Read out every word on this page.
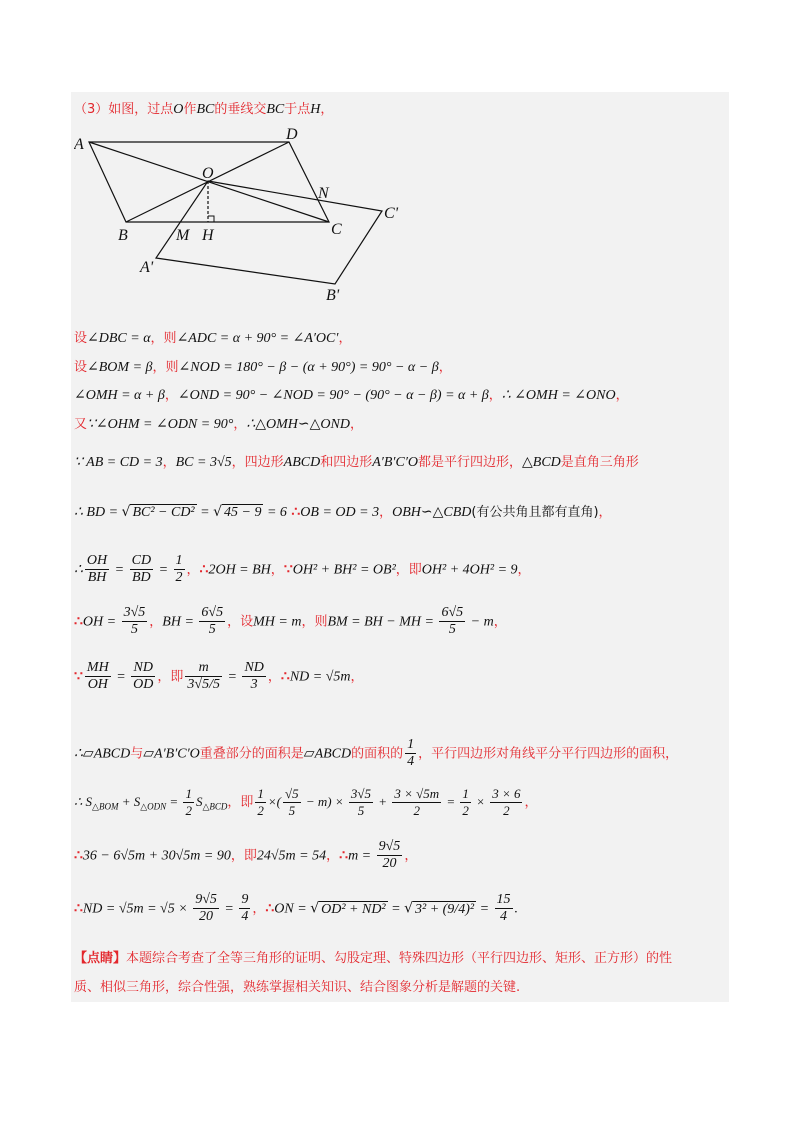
（3）如图，过点O作BC的垂线交BC于点H，
A
D
O
N
C'
B	M H	C
A'
B'
设∠DBC = α，则∠ADC = α + 90° = ∠A′OC′，
设∠BOM = β，则∠NOD = 180° − β − (α + 90°) = 90° − α − β，
∠OMH = α + β，∠OND = 90° − ∠NOD = 90° − (90° − α − β) = α + β，∴ ∠OMH = ∠ONO，
又∵∠OHM = ∠ODN = 90°，∴△OMH∽△OND，
∵ AB = CD = 3，BC = 3√5，四边形ABCD和四边形A′B′C′O都是平行四边形，△BCD是直角三角形
∴ BD = √ BC² − CD² = √ 45 − 9 = 6 ∴OB = OD = 3，OBH∽△CBD(有公共角且都有直角)，
∴ $\frac{OH}{BH} = \frac{CD}{BD} = \frac{1}{2}$ ，∴2OH = BH，∵OH² + BH² = OB²，即OH² + 4OH² = 9，
∴OH = $\frac{3√5}{5}$ ，BH = $\frac{6√5}{5}$ ，设MH = m，则BM = BH − MH = $\frac{6√5}{5} - m$，
∵ $\frac{MH}{OH} = \frac{ND}{OD}$ ，即 $\frac{m}{3√5/5} = \frac{ND}{3}$ ，∴ND = √5m，
∴▱ABCD与▱A′B′C′O重叠部分的面积是▱ABCD的面积的 $\frac{1}{4}$ ，平行四边形对角线平分平行四边形的面积，
∴ $S_{\triangle BOM} + S_{\triangle ODN} = \frac{1}{2} S_{\triangle BCD}$，即 $\frac{1}{2}$ ×( $\frac{√5}{5} - m) \times \frac{3√5}{5} + \frac{3 \times √5m}{2} = \frac{1}{2} \times \frac{3 \times 6}{2}$ ，
∴36 − 6√5m + 30√5m = 90，即24√5m = 54，∴m = $\frac{9√5}{20}$ ，
∴ND = $√5m = √5 \times \frac{9√5}{20} = \frac{9}{4}$ ，∴ON = √ OD² + ND² = √ $3^2 + (9/4)^2 = \frac{15}{4}$ .
【点睛】本题综合考查了全等三角形的证明、勾股定理、特殊四边形（平行四边形、矩形、正方形）的性
质、相似三角形，综合性强，熟练掌握相关知识、结合图象分析是解题的关键.
